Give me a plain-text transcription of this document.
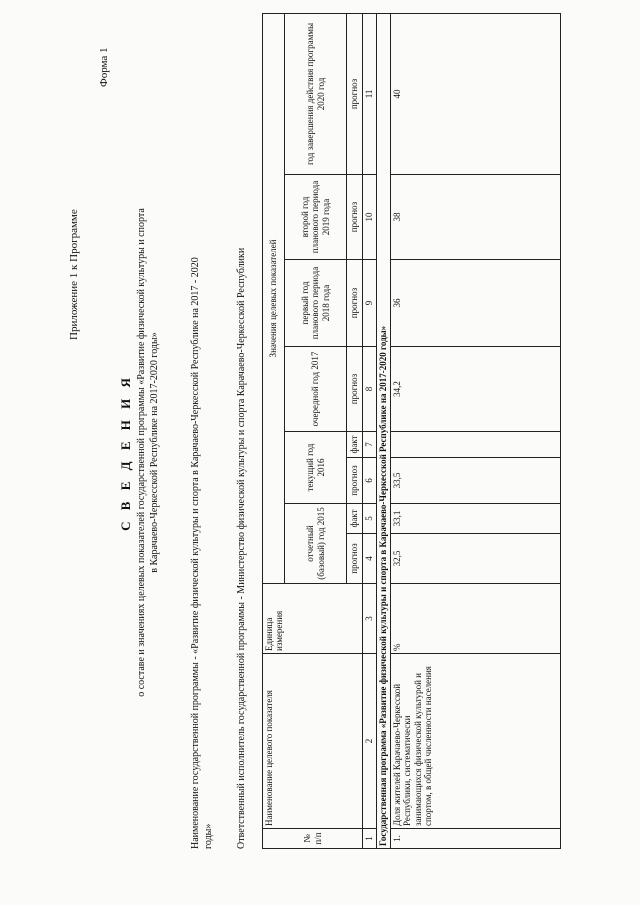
Приложение 1 к Программе
Форма 1
С В Е Д Е Н И Я о составе и значениях целевых показателей государственной программы «Развитие физической культуры и спорта в Карачаево-Черкесской Республике на 2017-2020 годы»	Наименование государственной программы - «Развитие физической культуры и спорта в Карачаево-Черкесской Республике на 2017 - 2020 годы» Ответственный исполнитель государственной программы - Министерство физической культуры и спорта Карачаево-Черкесской Республики	№ п/п	Наименование целевого показателя	Единица измерения	Значения целевых показателей							
			отчетный (базовый) год 2015		текущий год 2016		очередной год 2017	первый год планового периода 2018 года	второй год планового периода 2019 года	год завершения действия программы 2020 год
			прогноз	факт	прогноз	факт	прогноз	прогноз	прогноз	прогноз
1	2	3	4	5	6	7	8	9	10	11
Государственная программа «Развитие физической культуры и спорта в Карачаево-Черкесской Республике на 2017-2020 годы»										
1.	Доля жителей Карачаево-Черкесской Республики, систематически занимающихся физической культурой и спортом, в общей численности населения	%	32,5	33,1	33,5		34,2	36	38	40
